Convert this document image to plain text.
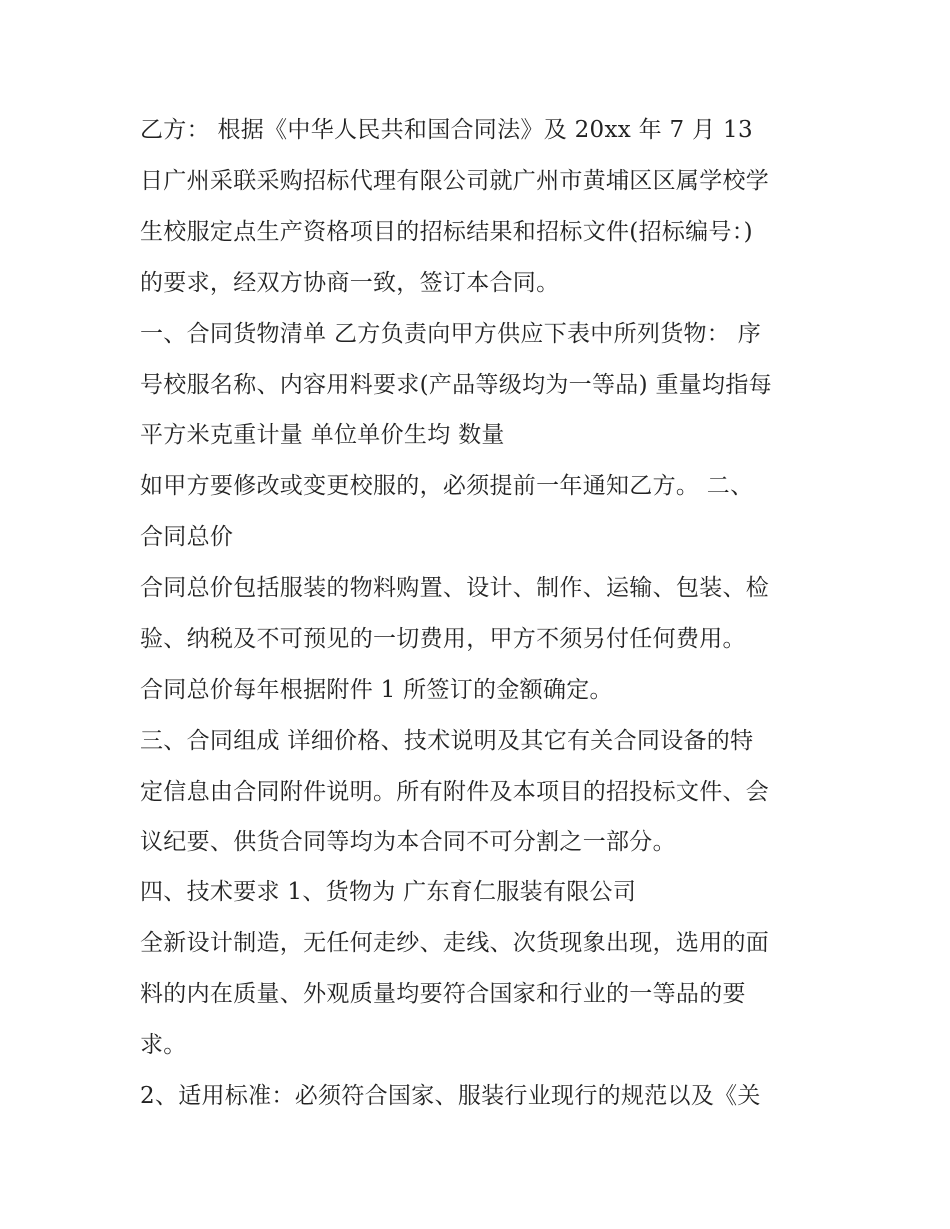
乙方： 根据《中华人民共和国合同法》及 20xx 年 7 月 13
日广州采联采购招标代理有限公司就广州市黄埔区区属学校学
生校服定点生产资格项目的招标结果和招标文件(招标编号：)
的要求，经双方协商一致，签订本合同。
一、合同货物清单 乙方负责向甲方供应下表中所列货物： 序
号校服名称、内容用料要求(产品等级均为一等品) 重量均指每
平方米克重计量 单位单价生均 数量
如甲方要修改或变更校服的，必须提前一年通知乙方。 二、
合同总价
合同总价包括服装的物料购置、设计、制作、运输、包装、检
验、纳税及不可预见的一切费用，甲方不须另付任何费用。
合同总价每年根据附件 1 所签订的金额确定。
三、合同组成 详细价格、技术说明及其它有关合同设备的特
定信息由合同附件说明。所有附件及本项目的招投标文件、会
议纪要、供货合同等均为本合同不可分割之一部分。
四、技术要求 1、货物为 广东育仁服装有限公司
全新设计制造，无任何走纱、走线、次货现象出现，选用的面
料的内在质量、外观质量均要符合国家和行业的一等品的要
求。
2、适用标准：必须符合国家、服装行业现行的规范以及《关
